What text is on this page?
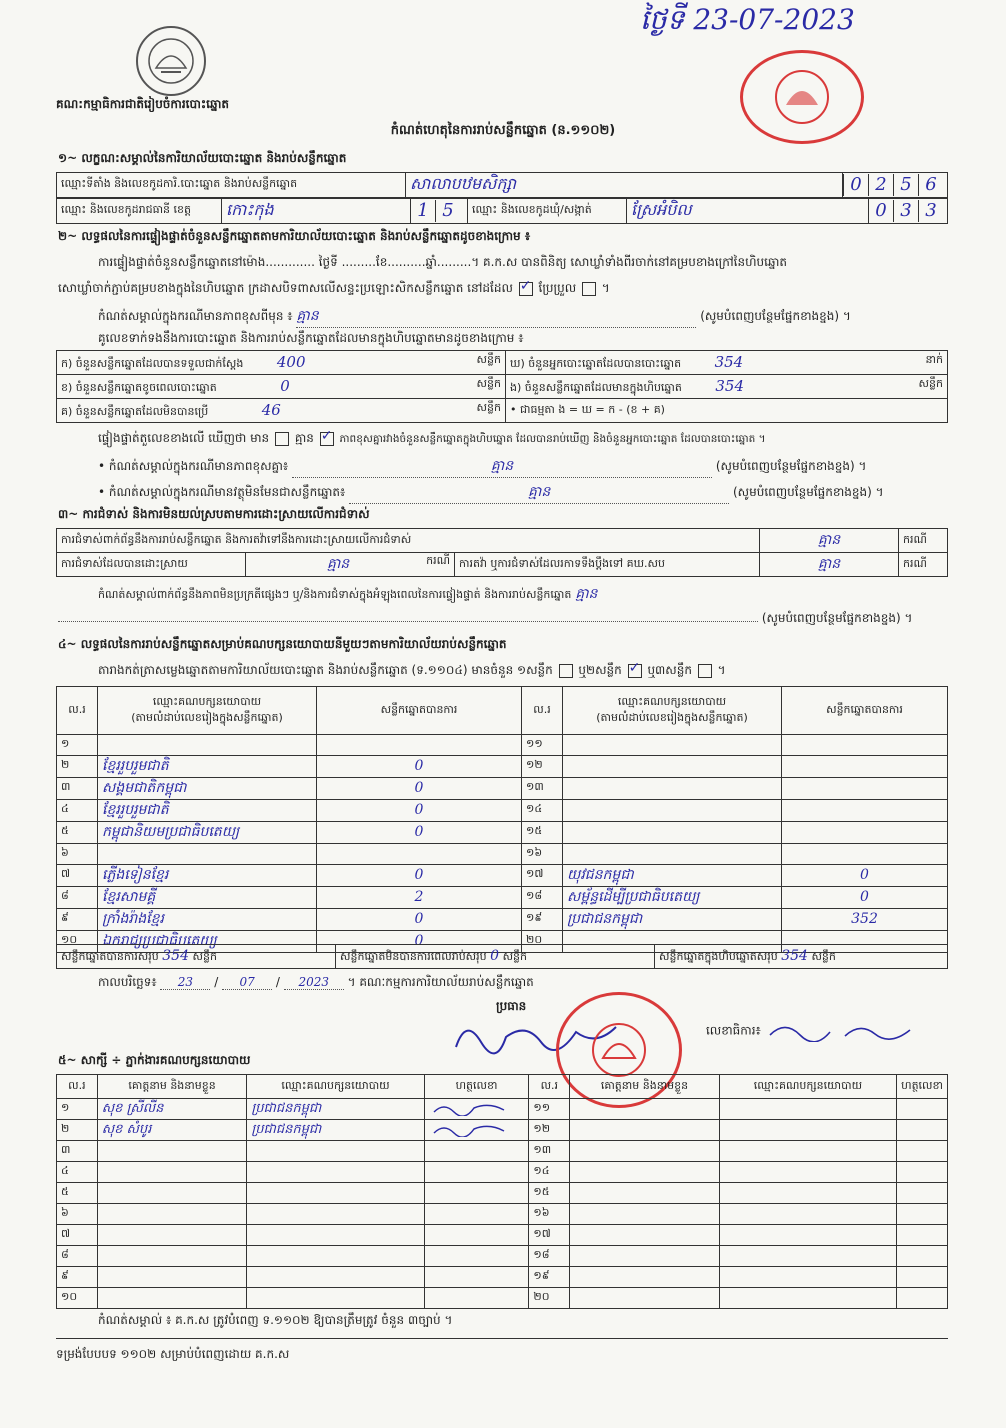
ថ្ងៃទី 23-07-2023
គណ:កម្មាធិការជាតិរៀបចំការបោះឆ្នោត
កំណត់ហេតុនៃការរាប់សន្លឹកឆ្នោត (ន.១១០២)
១~ លក្ខណ:សម្គាល់នៃការិយាល័យបោះឆ្នោត និងរាប់សន្លឹកឆ្នោត
ឈ្មោះទីតាំង និងលេខកូដការិ.បោះឆ្នោត និងរាប់សន្លឹកឆ្នោត	សាលាបឋមសិក្សា	0 2 5 6
ឈ្មោះ និងលេខកូដរាជធានី ខេត្ត	កោះកុង	1 5	ឈ្មោះ និងលេខកូដឃុំ/សង្កាត់	ស្រែអំបិល	0 3 3
២~ លទ្ធផលនៃការផ្ទៀងផ្ទាត់ចំនួនសន្លឹកឆ្នោតតាមការិយាល័យបោះឆ្នោត និងរាប់សន្លឹកឆ្នោតដូចខាងក្រោម ៖
ការផ្ទៀងផ្ទាត់ចំនួនសន្លឹកឆ្នោតនៅម៉ោង............. ថ្ងៃទី .........ខែ..........ឆ្នាំ.........។ គ.ក.ស បានពិនិត្យ សោឃ្លាំទាំងពីរចាក់នៅគម្របខាងក្រៅនៃហិបឆ្នោត
សោឃ្លាំចាក់ភ្ជាប់គម្របខាងក្នុងនៃហិបឆ្នោត ក្រដាសបិទពាសលើសន្ទះប្រឡោះសិកសន្លឹកឆ្នោត នៅដដែល ✓ ប្រែប្រួល  ។
កំណត់សម្គាល់ក្នុងករណីមានភាពខុសពីមុន ៖ គ្មាន	(សូមបំពេញបន្ថែមផ្នែកខាងខ្នង) ។
គូលេខទាក់ទងនឹងការបោះឆ្នោត និងការរាប់សន្លឹកឆ្នោតដែលមានក្នុងហិបឆ្នោតមានដូចខាងក្រោម ៖
ក) ចំនួនសន្លឹកឆ្នោតដែលបានទទួលជាក់ស្ដែង 400 សន្លឹក	ឃ) ចំនួនអ្នកបោះឆ្នោតដែលបានបោះឆ្នោត 354 នាក់

ខ) ចំនួនសន្លឹកឆ្នោតខូចពេលបោះឆ្នោត 0 សន្លឹក	ង) ចំនួនសន្លឹកឆ្នោតដែលមានក្នុងហិបឆ្នោត 354 សន្លឹក

គ) ចំនួនសន្លឹកឆ្នោតដែលមិនបានប្រើ 46 សន្លឹក	• ជាធម្មតា ង = ឃ = ក - (ខ + គ)
ផ្ទៀងផ្ទាត់តួលេខខាងលើ ឃើញថា មាន គ្មាន ✓ ភាពខុសគ្នារវាងចំនួនសន្លឹកឆ្នោតក្នុងហិបឆ្នោត ដែលបានរាប់ឃើញ និងចំនួនអ្នកបោះឆ្នោត ដែលបានបោះឆ្នោត ។
• កំណត់សម្គាល់ក្នុងករណីមានភាពខុសគ្នា៖	គ្មាន	(សូមបំពេញបន្ថែមផ្នែកខាងខ្នង) ។
• កំណត់សម្គាល់ក្នុងករណីមានវត្ថុមិនមែនជាសន្លឹកឆ្នោត៖	គ្មាន	(សូមបំពេញបន្ថែមផ្នែកខាងខ្នង) ។
៣~ ការជំទាស់ និងការមិនយល់ស្របតាមការដោះស្រាយលើការជំទាស់
ការជំទាស់ពាក់ព័ន្ធនឹងការរាប់សន្លឹកឆ្នោត និងការតវ៉ាទៅនឹងការដោះស្រាយលើការជំទាស់			គ្មាន	ករណី
ការជំទាស់ដែលបានដោះស្រាយ	គ្មាន ករណី	ការតវ៉ា ឬការជំទាស់ដែលរកាទទឹងប្ដឹងទៅ គឃ.សប	គ្មាន	ករណី
កំណត់សម្គាល់ពាក់ព័ន្ធនឹងភាពមិនប្រក្រតីផ្សេងៗ ឬ/និងការជំទាស់ក្នុងអំឡុងពេលនៃការផ្ទៀងផ្ទាត់ និងការរាប់សន្លឹកឆ្នោត គ្មាន
(សូមបំពេញបន្ថែមផ្នែកខាងខ្នង) ។
៤~ លទ្ធផលនៃការរាប់សន្លឹកឆ្នោតសម្រាប់គណបក្សនយោបាយនីមួយៗតាមការិយាល័យរាប់សន្លឹកឆ្នោត
តារាងកត់ត្រាសម្លេងឆ្នោតតាមការិយាល័យបោះឆ្នោត និងរាប់សន្លឹកឆ្នោត (ទ.១១០៤) មានចំនួន ១សន្លឹក ឬ២សន្លឹក ✓ ឬ៣សន្លឹក  ។
ល.រ	ឈ្មោះគណបក្សនយោបាយ
(តាមលំដាប់លេខរៀងក្នុងសន្លឹកឆ្នោត)	សន្លឹកឆ្នោតបានការ	ល.រ	ឈ្មោះគណបក្សនយោបាយ
(តាមលំដាប់លេខរៀងក្នុងសន្លឹកឆ្នោត)	សន្លឹកឆ្នោតបានការ
១			១១		
២	ខ្មែររួបរួមជាតិ	0	១២		
៣	សង្គមជាតិកម្ពុជា	0	១៣		
៤	ខ្មែររួបរួមជាតិ	0	១៤		
៥	កម្ពុជានិយមប្រជាធិបតេយ្យ	0	១៥		
៦			១៦		
៧	ភ្លើងទៀនខ្មែរ	0	១៧	យុវជនកម្ពុជា	0
៨	ខ្មែរសាមគ្គី	2	១៨	សម្ព័ន្ធដើម្បីប្រជាធិបតេយ្យ	0
៩	ក្រាំងរ៉ាងខ្មែរ	0	១៩	ប្រជាជនកម្ពុជា	352
១០	ឯករាជ្យប្រជាធិបតេយ្យ	0	២០		
សន្លឹកឆ្នោតបានការសរុប 354 សន្លឹក	សន្លឹកឆ្នោតមិនបានការពេលរាប់សរុប 0 សន្លឹក	សន្លឹកឆ្នោតក្នុងហិបឆ្នោតសរុប 354 សន្លឹក
កាលបរិច្ឆេទ៖ 23 / 07 / 2023 ។ គណៈកម្មការការិយាល័យរាប់សន្លឹកឆ្នោត
ប្រធាន
លេខាធិការ៖
៥~ សាក្សី ÷ ភ្នាក់ងារគណបក្សនយោបាយ
ល.រ	គោត្តនាម និងនាមខ្លួន	ឈ្មោះគណបក្សនយោបាយ	ហត្ថលេខា	ល.រ	គោត្តនាម និងនាមខ្លួន	ឈ្មោះគណបក្សនយោបាយ	ហត្ថលេខា
១	សុខ ស្រីលីន	ប្រជាជនកម្ពុជា		១១			
២	សុខ សំបូរ	ប្រជាជនកម្ពុជា		១២			
៣				១៣			
៤				១៤			
៥				១៥			
៦				១៦			
៧				១៧			
៨				១៨			
៩				១៩			
១០				២០			
កំណត់សម្គាល់ ៖ គ.ក.ស ត្រូវបំពេញ ទ.១១០២ ឱ្យបានត្រឹមត្រូវ ចំនួន ៣ច្បាប់ ។
ទម្រង់បែបបទ ១១០២ សម្រាប់បំពេញដោយ គ.ក.ស
